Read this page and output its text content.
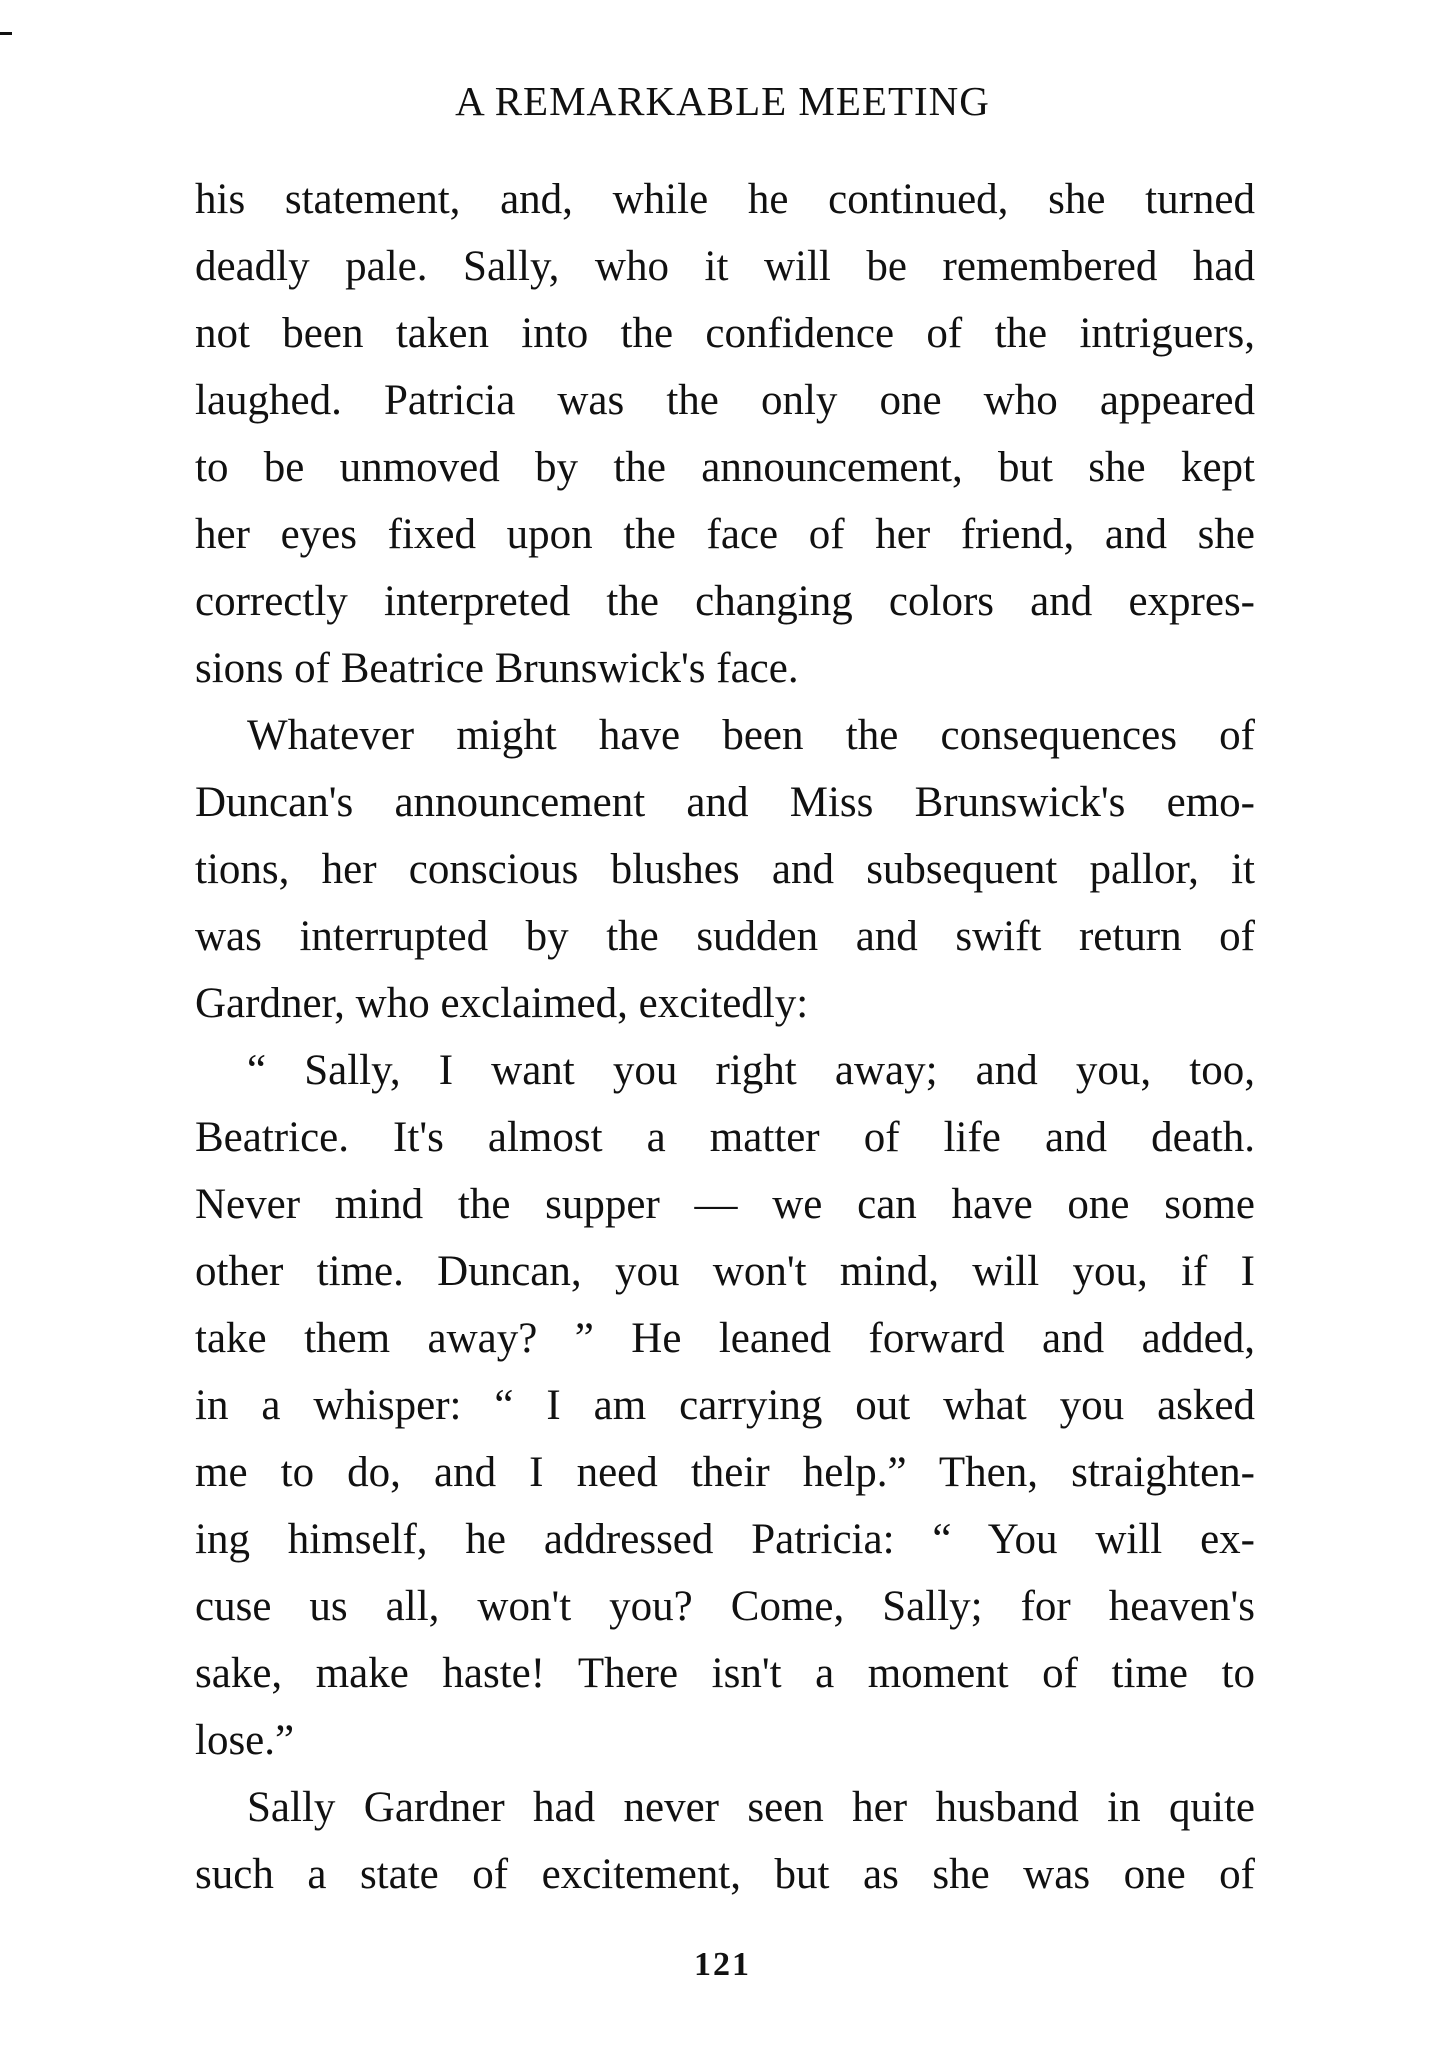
A REMARKABLE MEETING
his statement, and, while he continued, she turned
deadly pale. Sally, who it will be remembered had
not been taken into the confidence of the intriguers,
laughed. Patricia was the only one who appeared
to be unmoved by the announcement, but she kept
her eyes fixed upon the face of her friend, and she
correctly interpreted the changing colors and expres-
sions of Beatrice Brunswick's face.
Whatever might have been the consequences of
Duncan's announcement and Miss Brunswick's emo-
tions, her conscious blushes and subsequent pallor, it
was interrupted by the sudden and swift return of
Gardner, who exclaimed, excitedly:
“ Sally, I want you right away; and you, too,
Beatrice. It's almost a matter of life and death.
Never mind the supper — we can have one some
other time. Duncan, you won't mind, will you, if I
take them away? ” He leaned forward and added,
in a whisper: “ I am carrying out what you asked
me to do, and I need their help.” Then, straighten-
ing himself, he addressed Patricia: “ You will ex-
cuse us all, won't you? Come, Sally; for heaven's
sake, make haste! There isn't a moment of time to
lose.”
Sally Gardner had never seen her husband in quite
such a state of excitement, but as she was one of
121
